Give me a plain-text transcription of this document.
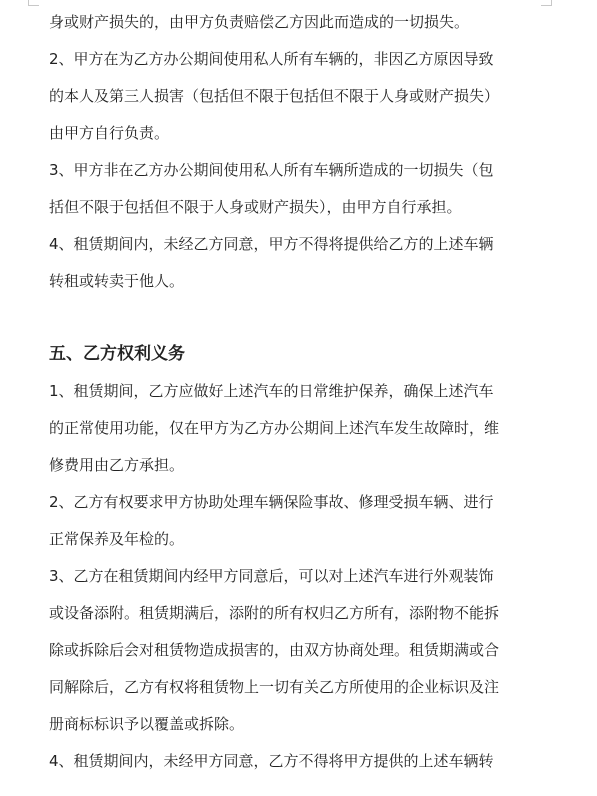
身或财产损失的，由甲方负责赔偿乙方因此而造成的一切损失。
2、甲方在为乙方办公期间使用私人所有车辆的，非因乙方原因导致
的本人及第三人损害（包括但不限于包括但不限于人身或财产损失）
由甲方自行负责。
3、甲方非在乙方办公期间使用私人所有车辆所造成的一切损失（包
括但不限于包括但不限于人身或财产损失），由甲方自行承担。
4、租赁期间内，未经乙方同意，甲方不得将提供给乙方的上述车辆
转租或转卖于他人。
五、乙方权利义务
1、租赁期间，乙方应做好上述汽车的日常维护保养，确保上述汽车
的正常使用功能，仅在甲方为乙方办公期间上述汽车发生故障时，维
修费用由乙方承担。
2、乙方有权要求甲方协助处理车辆保险事故、修理受损车辆、进行
正常保养及年检的。
3、乙方在租赁期间内经甲方同意后，可以对上述汽车进行外观装饰
或设备添附。租赁期满后，添附的所有权归乙方所有，添附物不能拆
除或拆除后会对租赁物造成损害的，由双方协商处理。租赁期满或合
同解除后，乙方有权将租赁物上一切有关乙方所使用的企业标识及注
册商标标识予以覆盖或拆除。
4、租赁期间内，未经甲方同意，乙方不得将甲方提供的上述车辆转
